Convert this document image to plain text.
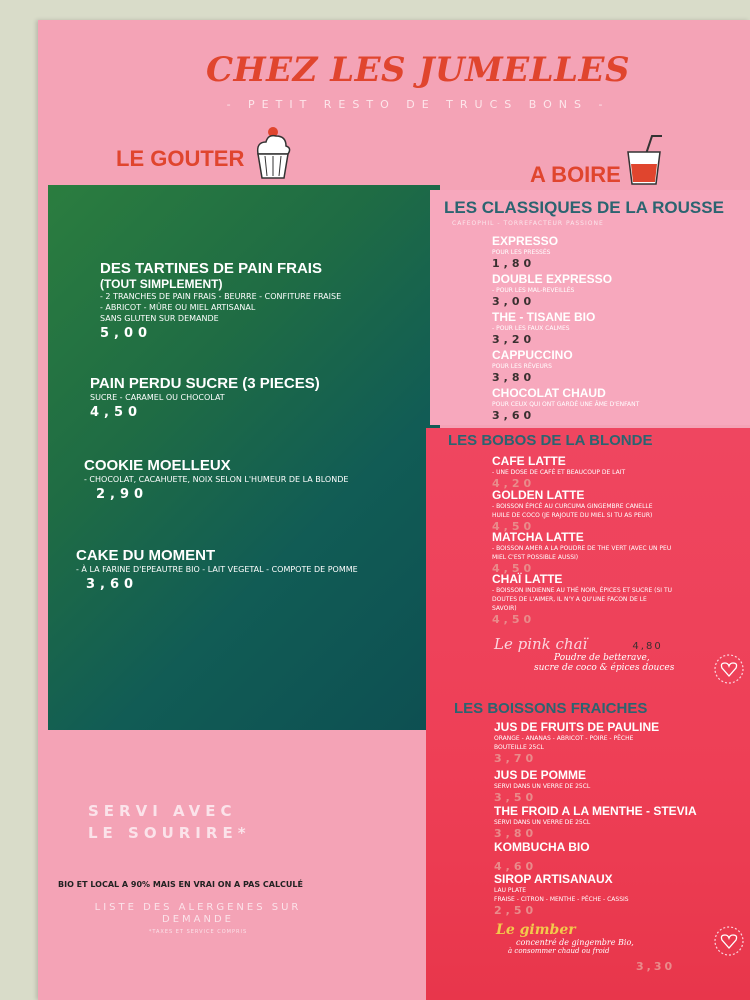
CHEZ LES JUMELLES
- PETIT RESTO DE TRUCS BONS -
LE GOUTER
A BOIRE
DES TARTINES DE PAIN FRAIS
(TOUT SIMPLEMENT)
- 2 TRANCHES DE PAIN FRAIS - BEURRE - CONFITURE FRAISE
- ABRICOT - MÛRE OU MIEL ARTISANAL
SANS GLUTEN SUR DEMANDE
5,00
PAIN PERDU SUCRE (3 PIECES)
SUCRE - CARAMEL OU CHOCOLAT
4,50
COOKIE MOELLEUX
- CHOCOLAT, CACAHUETE, NOIX SELON L'HUMEUR DE LA BLONDE
2,90
CAKE DU MOMENT
- À LA FARINE D'EPEAUTRE BIO - LAIT VEGETAL - COMPOTE DE POMME
3,60
LES CLASSIQUES DE LA ROUSSE
CAFEOPHIL - TORREFACTEUR PASSIONE
EXPRESSO
POUR LES PRESSÉS
1,80
DOUBLE EXPRESSO
- POUR LES MAL-REVEILLÉS
3,00
THE - TISANE BIO
- POUR LES FAUX CALMES
3,20
CAPPUCCINO
POUR LES RÊVEURS
3,80
CHOCOLAT CHAUD
POUR CEUX QUI ONT GARDÉ UNE ÂME D'ENFANT
3,60
LES BOBOS DE LA BLONDE
CAFE LATTE
- UNE DOSE DE CAFÉ ET BEAUCOUP DE LAIT
4,20
GOLDEN LATTE
- BOISSON ÉPICÉ AU CURCUMA GINGEMBRE CANELLE
HUILE DE COCO (JE RAJOUTE DU MIEL SI TU AS PEUR)
4,50
MATCHA LATTE
- BOISSON AMER A LA POUDRE DE THE VERT (AVEC UN PEU
MIEL C'EST POSSIBLE AUSSI)
4,50
CHAÏ LATTE
- BOISSON INDIENNE AU THÉ NOIR, ÉPICES ET SUCRE (SI TU
DOUTES DE L'AIMER, IL N'Y A QU'UNE FACON DE LE SAVOIR)
4,50
Le pink chaï	4,80
Poudre de betterave,
sucre de coco & épices douces
LES BOISSONS FRAICHES
JUS DE FRUITS DE PAULINE
ORANGE - ANANAS - ABRICOT - POIRE - PÊCHE
BOUTEILLE 25CL
3,70
JUS DE POMME
SERVI DANS UN VERRE DE 25CL
3,50
THE FROID A LA MENTHE - STEVIA
SERVI DANS UN VERRE DE 25CL
3,80
KOMBUCHA BIO
4,60
SIROP ARTISANAUX
LAU PLATE
FRAISE - CITRON - MENTHE - PÊCHE - CASSIS
2,50
Le gimber
concentré de gingembre Bio,
à consommer chaud ou froid
3,30
SERVI AVEC
LE SOURIRE*
BIO ET LOCAL A 90% MAIS EN VRAI ON A PAS CALCULÉ
LISTE DES ALERGENES SUR
DEMANDE
*TAXES ET SERVICE COMPRIS
